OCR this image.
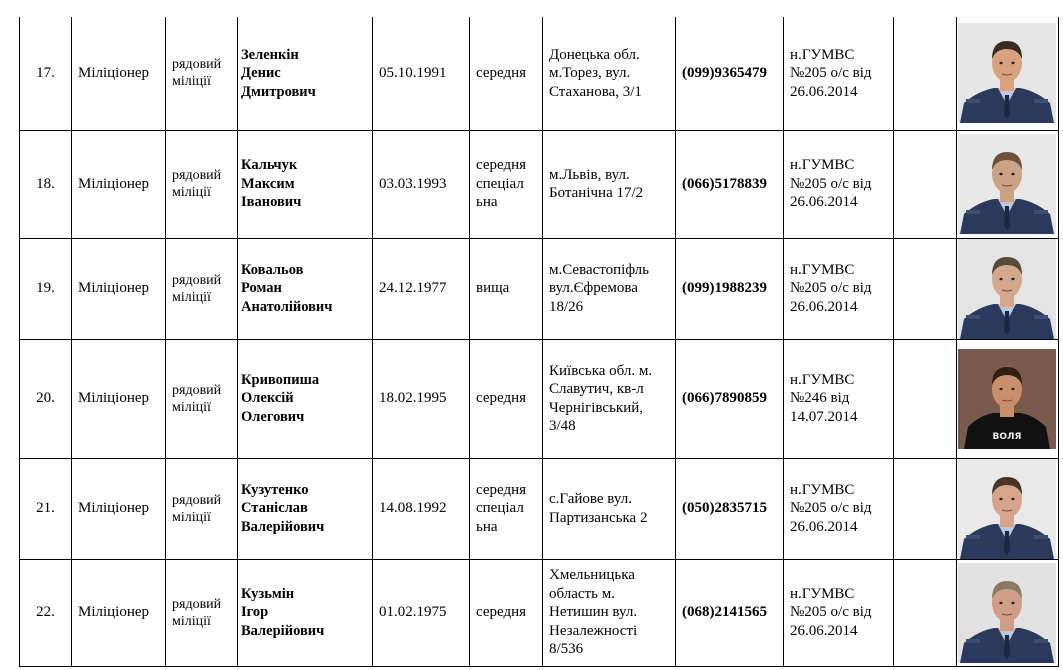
17.	Міліціонер	рядовий
міліції	Зеленкін
Денис
Дмитрович	05.10.1991	середня	Донецька обл.
м.Торез, вул.
Стаханова, 3/1	(099)9365479	н.ГУМВС
№205 о/с від
26.06.2014

18.	Міліціонер	рядовий
міліції	Кальчук
Максим
Іванович	03.03.1993	середня
спеціал
ьна	м.Львів, вул.
Ботанічна 17/2	(066)5178839	н.ГУМВС
№205 о/с від
26.06.2014

19.	Міліціонер	рядовий
міліції	Ковальов
Роман
Анатолійович	24.12.1977	вища	м.Севастопіфль
вул.Єфремова
18/26	(099)1988239	н.ГУМВС
№205 о/с від
26.06.2014

20.	Міліціонер	рядовий
міліції	Кривопиша
Олексій
Олегович	18.02.1995	середня	Київська обл. м.
Славутич, кв-л
Чернігівський,
3/48	(066)7890859	н.ГУМВС
№246 від
14.07.2014		ВОЛЯ

21.	Міліціонер	рядовий
міліції	Кузутенко
Станіслав
Валерійович	14.08.1992	середня
спеціал
ьна	с.Гайове вул.
Партизанська 2	(050)2835715	н.ГУМВС
№205 о/с від
26.06.2014

22.	Міліціонер	рядовий
міліції	Кузьмін
Ігор
Валерійович	01.02.1975	середня	Хмельницька
область м.
Нетишин вул.
Незалежності
8/536	(068)2141565	н.ГУМВС
№205 о/с від
26.06.2014
